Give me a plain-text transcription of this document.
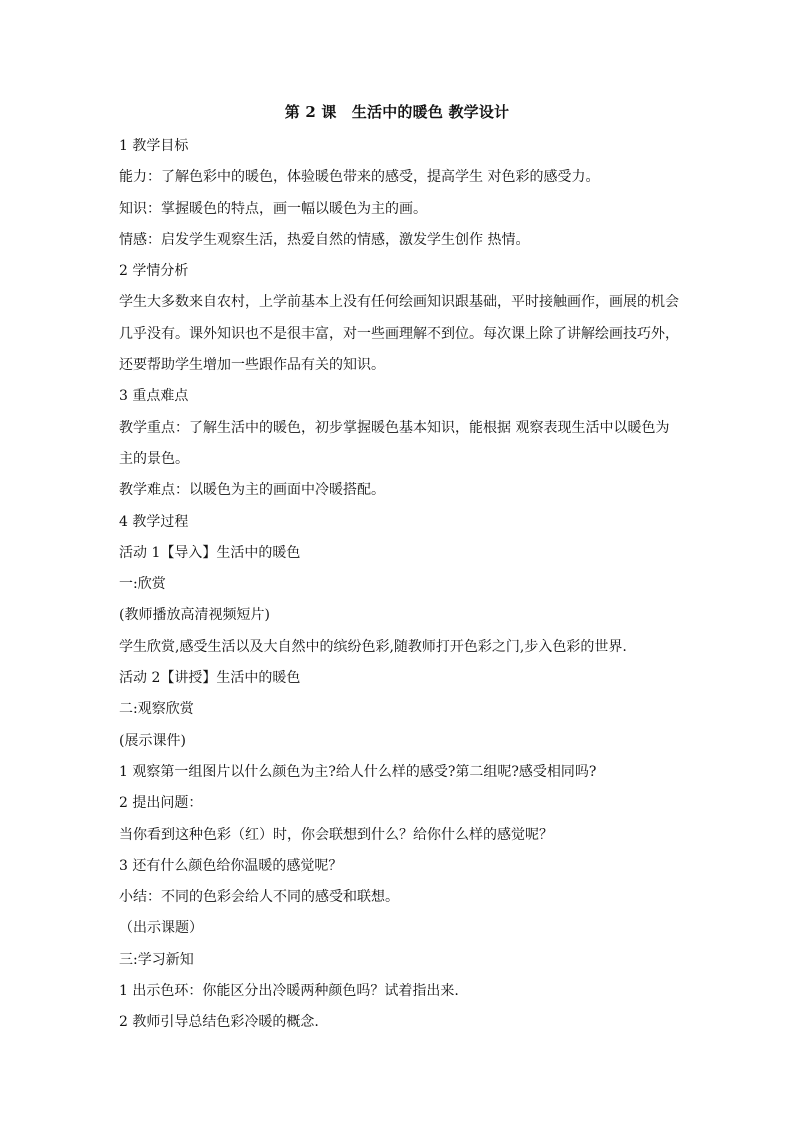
第 2 课　生活中的暖色 教学设计
1 教学目标
能力：了解色彩中的暖色，体验暖色带来的感受，提高学生 对色彩的感受力。
知识：掌握暖色的特点，画一幅以暖色为主的画。
情感：启发学生观察生活，热爱自然的情感，激发学生创作 热情。
2 学情分析
学生大多数来自农村，上学前基本上没有任何绘画知识跟基础，平时接触画作，画展的机会
几乎没有。课外知识也不是很丰富，对一些画理解不到位。每次课上除了讲解绘画技巧外，
还要帮助学生增加一些跟作品有关的知识。
3 重点难点
教学重点：了解生活中的暖色，初步掌握暖色基本知识，能根据 观察表现生活中以暖色为
主的景色。
教学难点：以暖色为主的画面中冷暖搭配。
4 教学过程
活动 1【导入】生活中的暖色
一:欣赏
(教师播放高清视频短片)
学生欣赏,感受生活以及大自然中的缤纷色彩,随教师打开色彩之门,步入色彩的世界.
活动 2【讲授】生活中的暖色
二:观察欣赏
(展示课件)
1 观察第一组图片以什么颜色为主?给人什么样的感受?第二组呢?感受相同吗?
2 提出问题：
当你看到这种色彩（红）时，你会联想到什么？给你什么样的感觉呢？
3 还有什么颜色给你温暖的感觉呢？
小结：不同的色彩会给人不同的感受和联想。
（出示课题）
三:学习新知
1 出示色环：你能区分出冷暖两种颜色吗？试着指出来.
2 教师引导总结色彩冷暖的概念.
